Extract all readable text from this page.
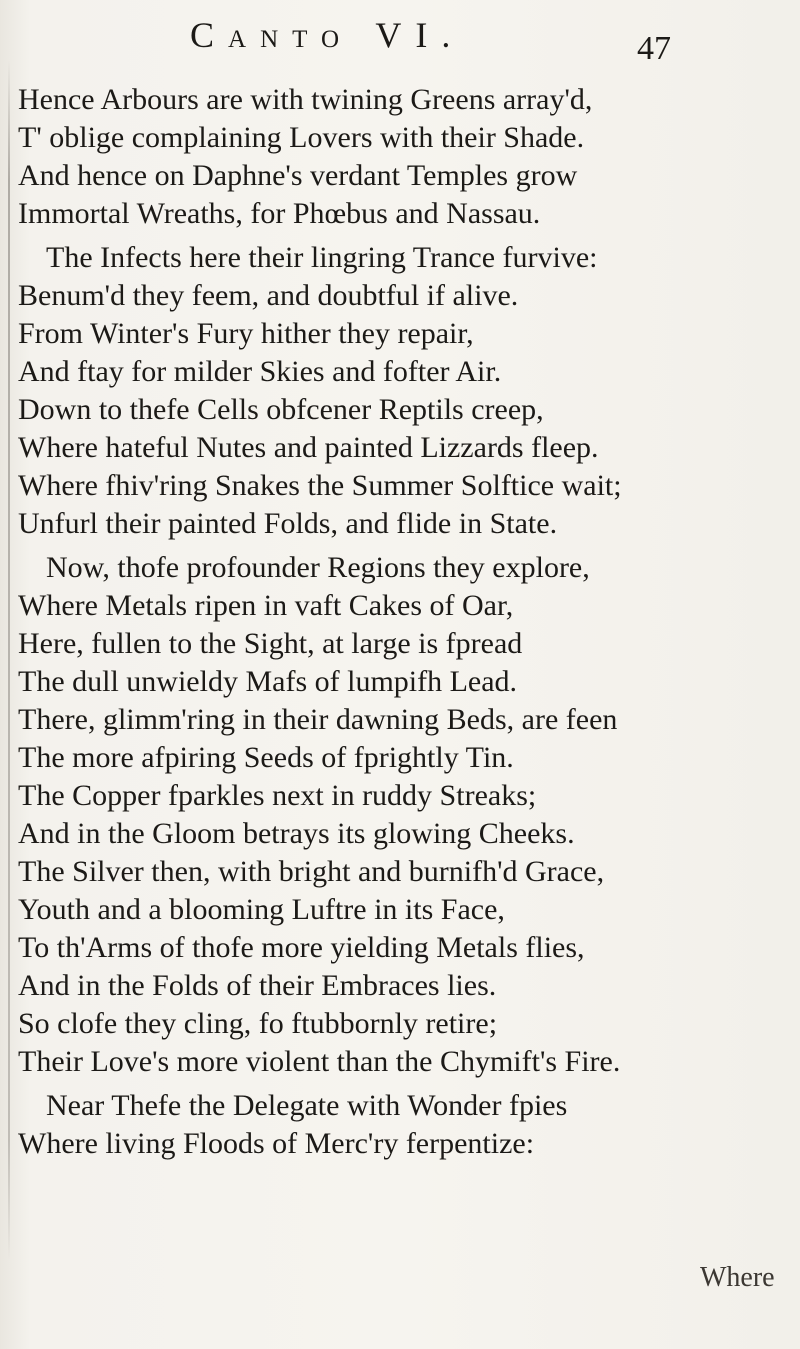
Canto VI.	47
Hence Arbours are with twining Greens array'd,
T' oblige complaining Lovers with their Shade.
And hence on Daphne's verdant Temples grow
Immortal Wreaths, for Phœbus and Nassau.
The Infects here their lingring Trance furvive:
Benum'd they feem, and doubtful if alive.
From Winter's Fury hither they repair,
And ftay for milder Skies and fofter Air.
Down to thefe Cells obfcener Reptils creep,
Where hateful Nutes and painted Lizzards fleep.
Where fhiv'ring Snakes the Summer Solftice wait;
Unfurl their painted Folds, and flide in State.
Now, thofe profounder Regions they explore,
Where Metals ripen in vaft Cakes of Oar,
Here, fullen to the Sight, at large is fpread
The dull unwieldy Mafs of lumpifh Lead.
There, glimm'ring in their dawning Beds, are feen
The more afpiring Seeds of fprightly Tin.
The Copper fparkles next in ruddy Streaks;
And in the Gloom betrays its glowing Cheeks.
The Silver then, with bright and burnifh'd Grace,
Youth and a blooming Luftre in its Face,
To th'Arms of thofe more yielding Metals flies,
And in the Folds of their Embraces lies.
So clofe they cling, fo ftubbornly retire;
Their Love's more violent than the Chymift's Fire.
Near Thefe the Delegate with Wonder fpies
Where living Floods of Merc'ry ferpentize:
Where
